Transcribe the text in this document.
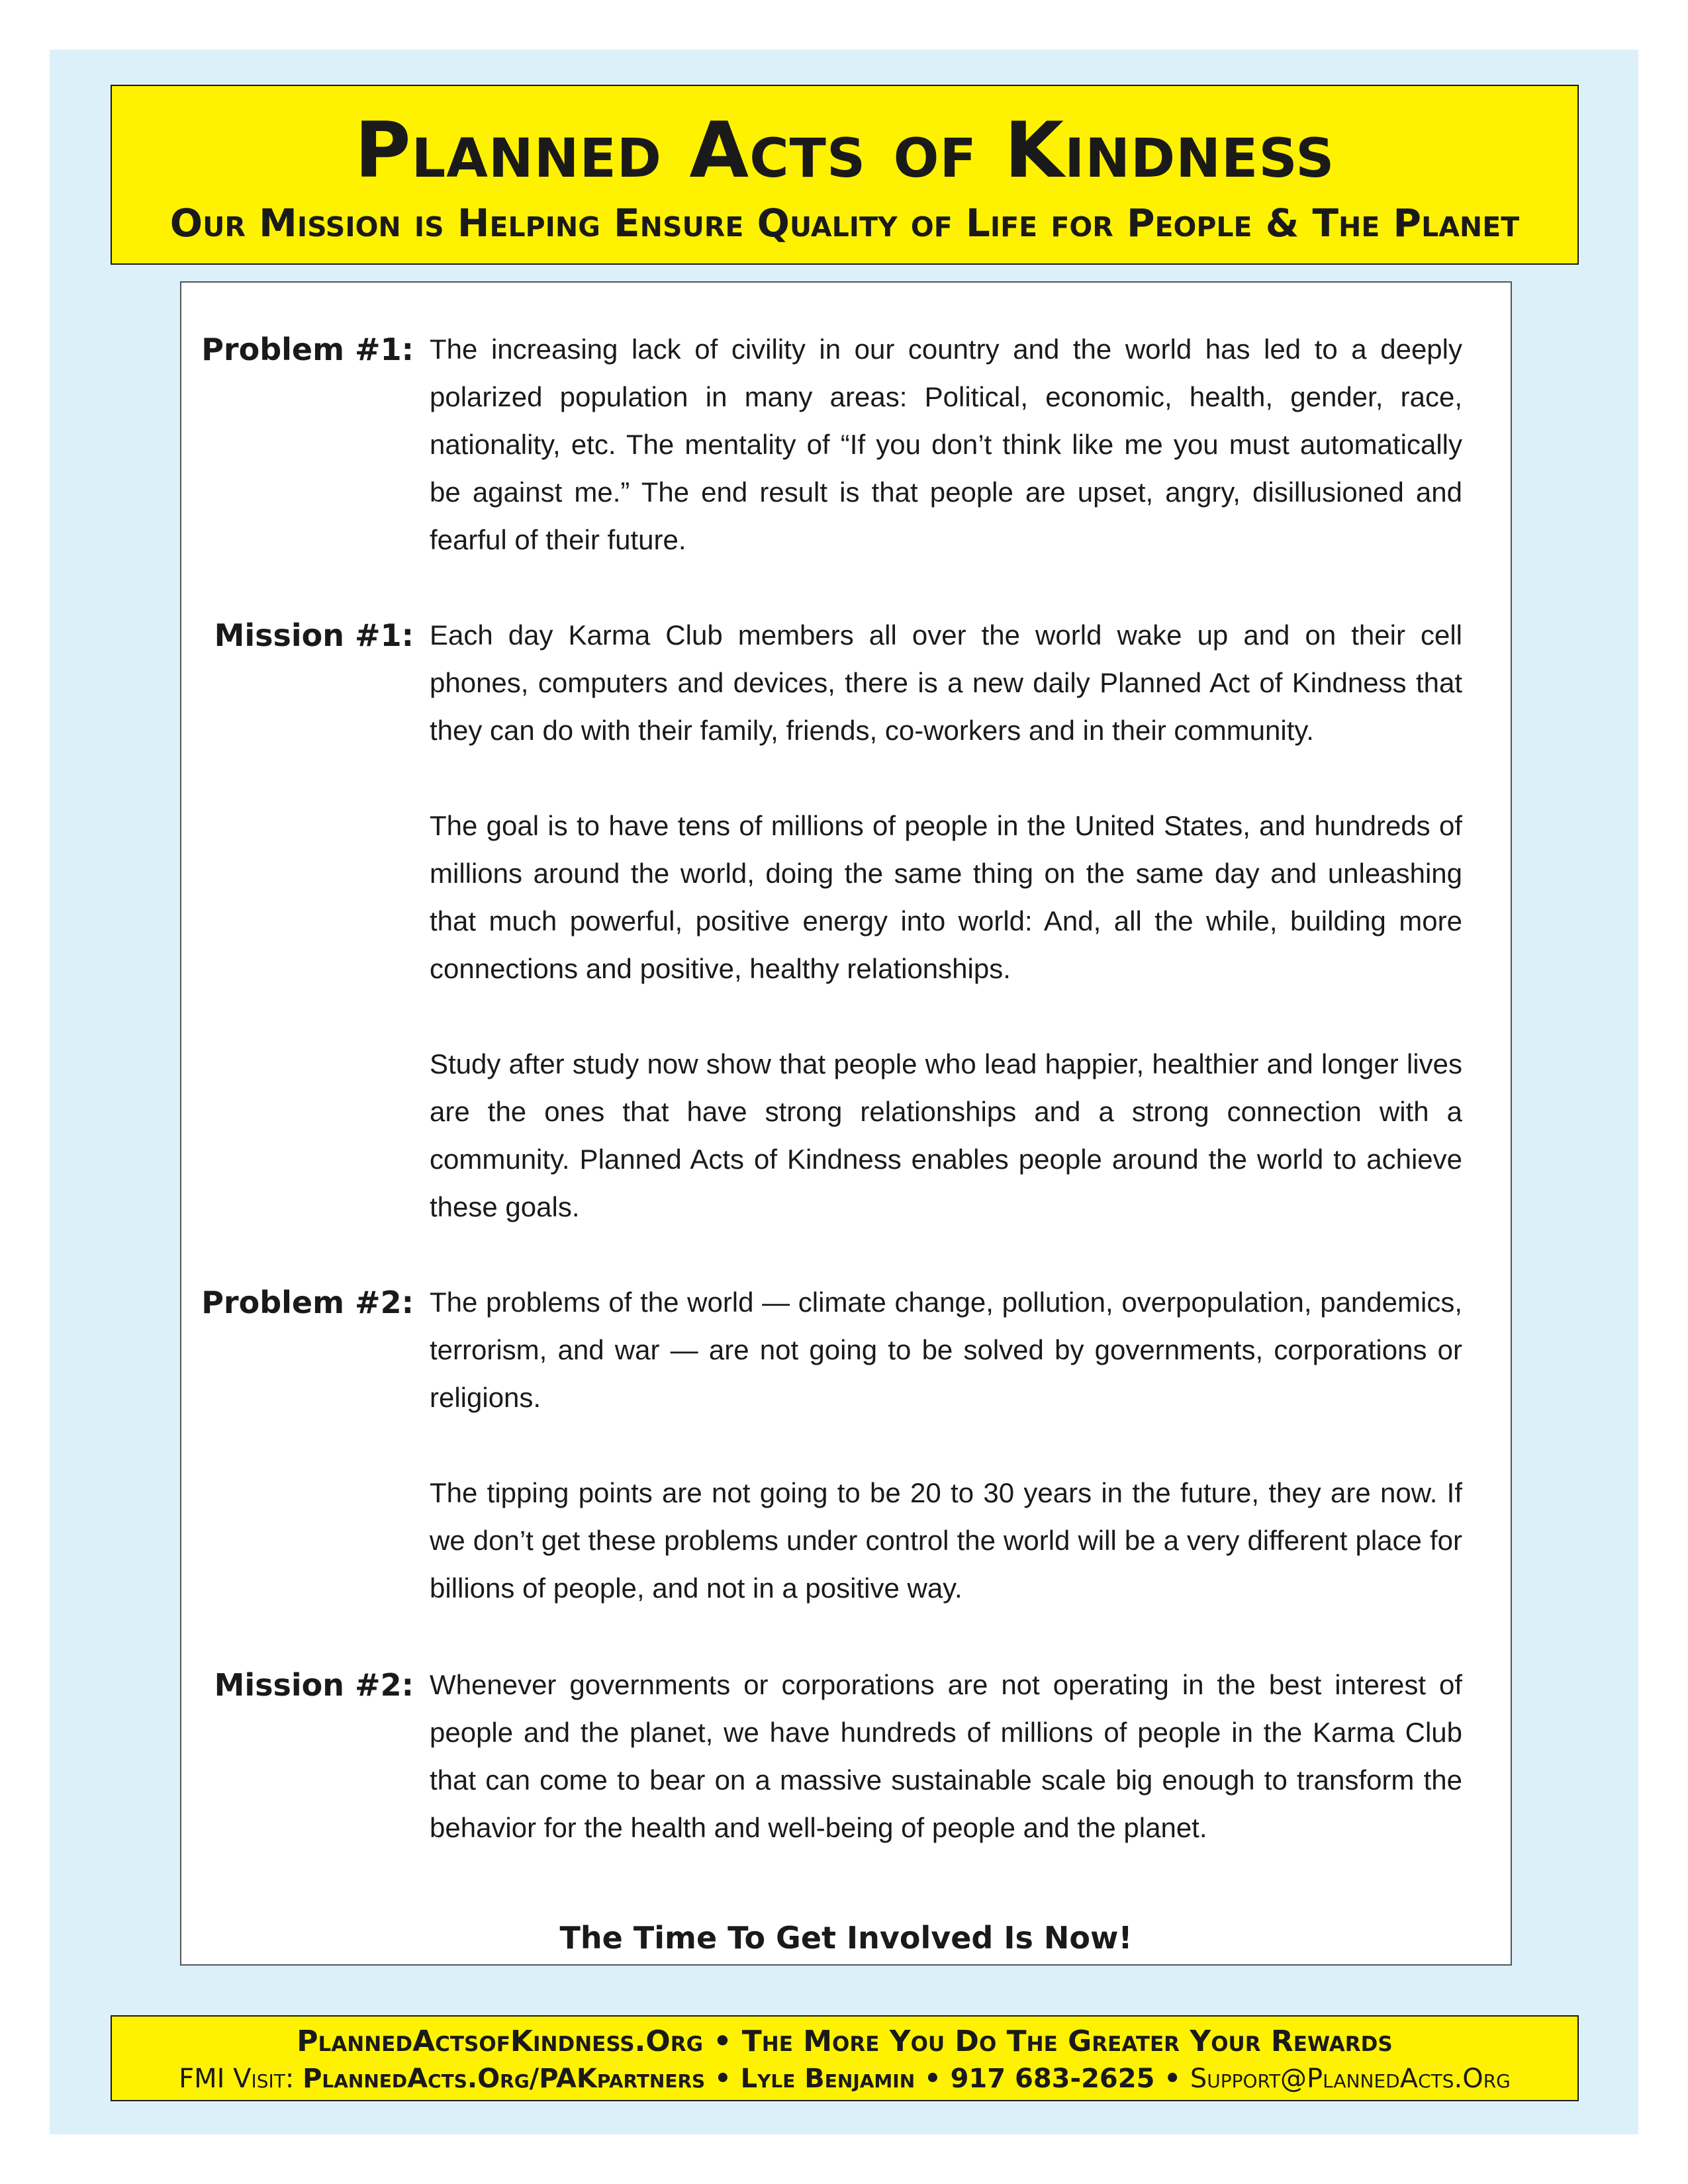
Planned Acts of Kindness
Our Mission is Helping Ensure Quality of Life for People & The Planet
Problem #1: The increasing lack of civility in our country and the world has led to a deeply polarized population in many areas: Political, economic, health, gender, race, nationality, etc. The mentality of “If you don’t think like me you must automatically be against me.” The end result is that people are upset, angry, disillusioned and fearful of their future.

Mission #1: Each day Karma Club members all over the world wake up and on their cell phones, computers and devices, there is a new daily Planned Act of Kindness that they can do with their family, friends, co-workers and in their community.

The goal is to have tens of millions of people in the United States, and hundreds of millions around the world, doing the same thing on the same day and unleashing that much powerful, positive energy into world: And, all the while, building more connections and positive, healthy relationships.

Study after study now show that people who lead happier, healthier and longer lives are the ones that have strong relationships and a strong connection with a community. Planned Acts of Kindness enables people around the world to achieve these goals.

Problem #2: The problems of the world — climate change, pollution, overpopulation, pandemics, terrorism, and war — are not going to be solved by governments, corporations or religions.

The tipping points are not going to be 20 to 30 years in the future, they are now. If we don’t get these problems under control the world will be a very different place for billions of people, and not in a positive way.

Mission #2: Whenever governments or corporations are not operating in the best interest of people and the planet, we have hundreds of millions of people in the Karma Club that can come to bear on a massive sustainable scale big enough to transform the behavior for the health and well-being of people and the planet.

The Time To Get Involved Is Now!
PlannedActsofKindness.Org • The More You Do The Greater Your Rewards
FMI Visit: PlannedActs.Org/PAKpartners • Lyle Benjamin • 917 683-2625 • Support@PlannedActs.Org
